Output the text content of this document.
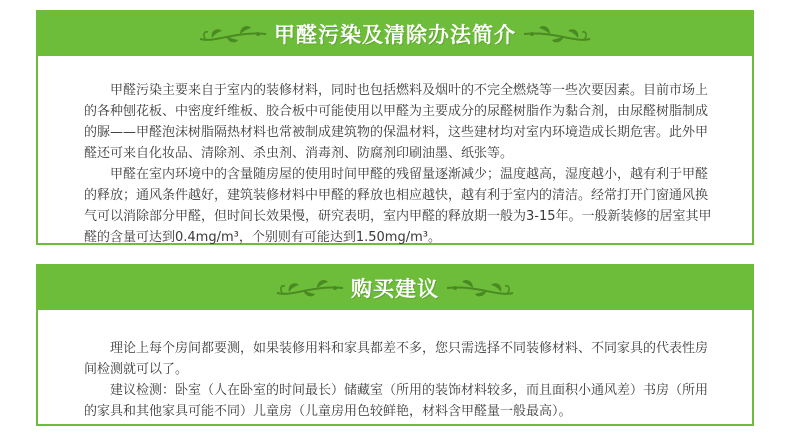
甲醛污染及清除办法简介

甲醛污染主要来自于室内的装修材料，同时也包括燃料及烟叶的不完全燃烧等一些次要因素。目前市场上的各种刨花板、中密度纤维板、胶合板中可能使用以甲醛为主要成分的尿醛树脂作为黏合剂，由尿醛树脂制成的脲——甲醛泡沫树脂隔热材料也常被制成建筑物的保温材料，这些建材均对室内环境造成长期危害。此外甲醛还可来自化妆品、清除剂、杀虫剂、消毒剂、防腐剂印刷油墨、纸张等。

甲醛在室内环境中的含量随房屋的使用时间甲醛的残留量逐渐减少；温度越高，湿度越小，越有利于甲醛的释放；通风条件越好，建筑装修材料中甲醛的释放也相应越快，越有利于室内的清洁。经常打开门窗通风换气可以消除部分甲醛，但时间长效果慢，研究表明，室内甲醛的释放期一般为3-15年。一般新装修的居室其甲醛的含量可达到0.4mg/m³，个别则有可能达到1.50mg/m³。

购买建议

理论上每个房间都要测，如果装修用料和家具都差不多，您只需选择不同装修材料、不同家具的代表性房间检测就可以了。

建议检测：卧室（人在卧室的时间最长）储藏室（所用的装饰材料较多，而且面积小通风差）书房（所用的家具和其他家具可能不同）儿童房（儿童房用色较鲜艳，材料含甲醛量一般最高）。
